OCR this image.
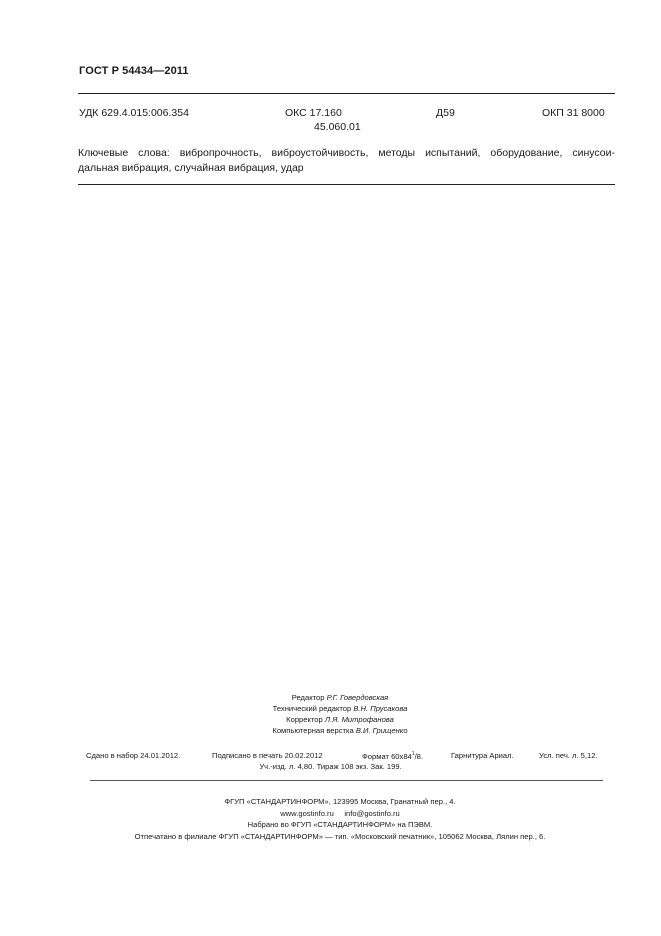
ГОСТ Р 54434—2011
УДК 629.4.015:006.354	ОКС 17.160
45.060.01
Д59	ОКП 31 8000
Ключевые слова: вибропрочность, виброустойчивость, методы испытаний, оборудование, синусои-
дальная вибрация, случайная вибрация, удар
Редактор Р.Г. Говердовская
Технический редактор В.Н. Прусакова
Корректор Л.Я. Митрофанова
Компьютерная верстка В.И. Грищенко
Сдано в набор 24.01.2012.	Подписано в печать 20.02.2012	Формат $60х84^1/8$.	Гарнитура Ариал.	Усл. печ. л. 5,12.
Уч.-изд. л. 4,80. Тираж 108 экз. Зак. 199.
ФГУП «СТАНДАРТИНФОРМ», 123995 Москва, Гранатный пер., 4.
www.gostinfo.ru info@gostinfo.ru
Набрано во ФГУП «СТАНДАРТИНФОРМ» на ПЭВМ.
Отпечатано в филиале ФГУП «СТАНДАРТИНФОРМ» — тип. «Московский печатник», 105062 Москва, Лялин пер., 6.
